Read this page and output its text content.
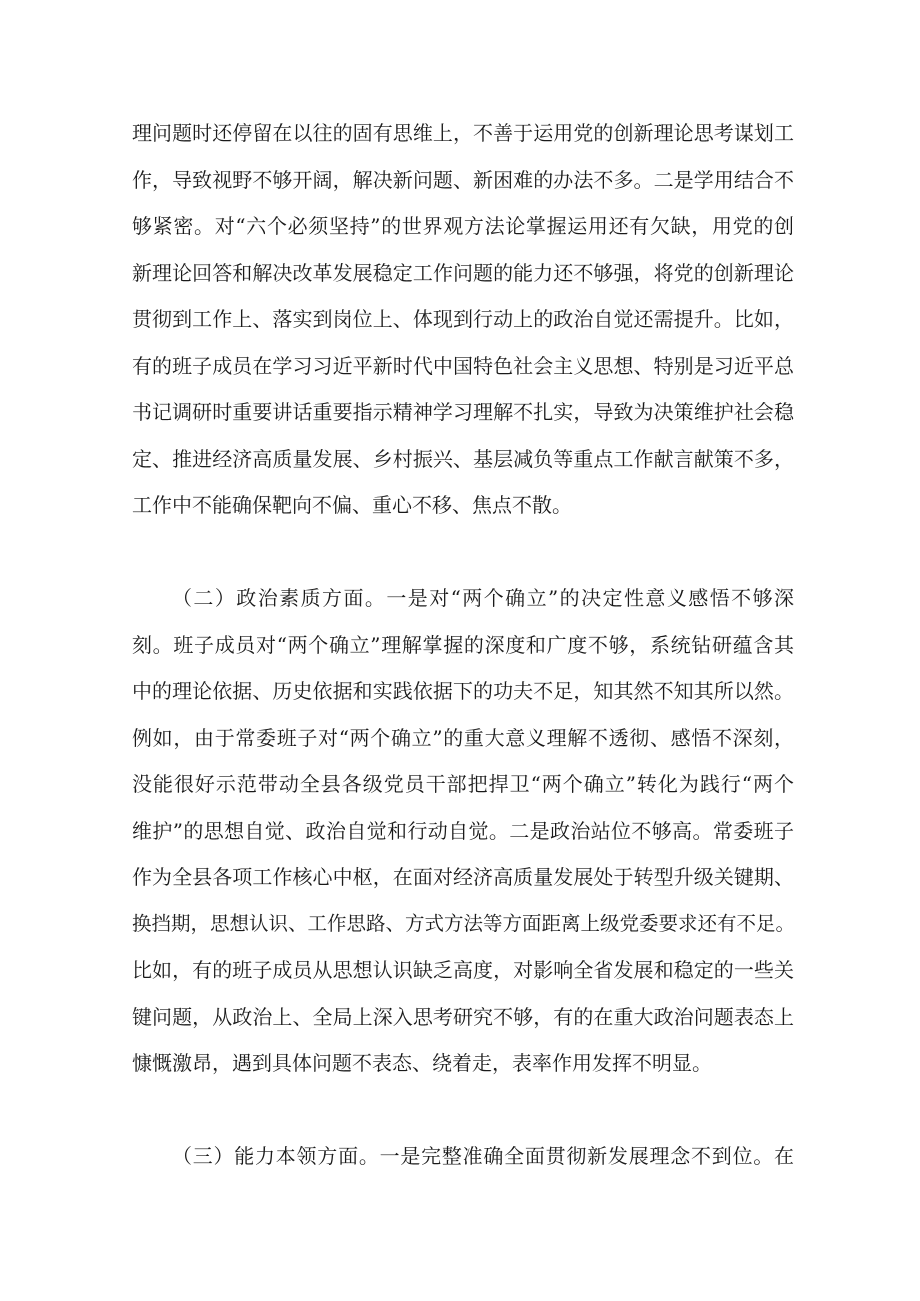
理问题时还停留在以往的固有思维上，不善于运用党的创新理论思考谋划工
作，导致视野不够开阔，解决新问题、新困难的办法不多。二是学用结合不
够紧密。对“六个必须坚持”的世界观方法论掌握运用还有欠缺，用党的创
新理论回答和解决改革发展稳定工作问题的能力还不够强，将党的创新理论
贯彻到工作上、落实到岗位上、体现到行动上的政治自觉还需提升。比如，
有的班子成员在学习习近平新时代中国特色社会主义思想、特别是习近平总
书记调研时重要讲话重要指示精神学习理解不扎实，导致为决策维护社会稳
定、推进经济高质量发展、乡村振兴、基层减负等重点工作献言献策不多，
工作中不能确保靶向不偏、重心不移、焦点不散。
（二）政治素质方面。一是对“两个确立”的决定性意义感悟不够深
刻。班子成员对“两个确立”理解掌握的深度和广度不够，系统钻研蕴含其
中的理论依据、历史依据和实践依据下的功夫不足，知其然不知其所以然。
例如，由于常委班子对“两个确立”的重大意义理解不透彻、感悟不深刻，
没能很好示范带动全县各级党员干部把捍卫“两个确立”转化为践行“两个
维护”的思想自觉、政治自觉和行动自觉。二是政治站位不够高。常委班子
作为全县各项工作核心中枢，在面对经济高质量发展处于转型升级关键期、
换挡期，思想认识、工作思路、方式方法等方面距离上级党委要求还有不足。
比如，有的班子成员从思想认识缺乏高度，对影响全省发展和稳定的一些关
键问题，从政治上、全局上深入思考研究不够，有的在重大政治问题表态上
慷慨激昂，遇到具体问题不表态、绕着走，表率作用发挥不明显。
（三）能力本领方面。一是完整准确全面贯彻新发展理念不到位。在
